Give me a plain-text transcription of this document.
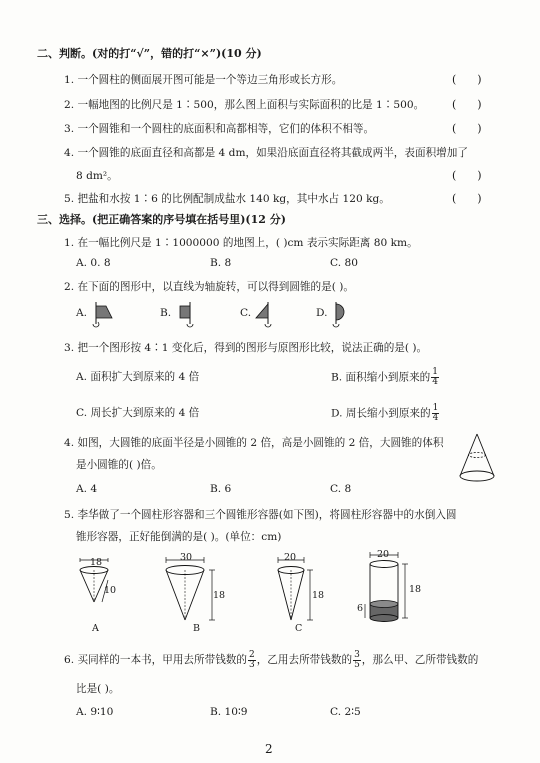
二、判断。(对的打“√”，错的打“×”)(10 分)
1. 一个圆柱的侧面展开图可能是一个等边三角形或长方形。	(      )
2. 一幅地图的比例尺是 1∶500，那么图上面积与实际面积的比是 1∶500。	(      )
3. 一个圆锥和一个圆柱的底面积和高都相等，它们的体积不相等。	(      )
4. 一个圆锥的底面直径和高都是 4 dm，如果沿底面直径将其截成两半，表面积增加了
8 dm²。	(      )
5. 把盐和水按 1∶6 的比例配制成盐水 140 kg，其中水占 120 kg。	(      )
三、选择。(把正确答案的序号填在括号里)(12 分)
1. 在一幅比例尺是 1∶1000000 的地图上，( )cm 表示实际距离 80 km。
A. 0. 8	B. 8	C. 80
2. 在下面的图形中，以直线为轴旋转，可以得到圆锥的是( )。
A.	B.	C.	D.
3. 把一个图形按 4∶1 变化后，得到的图形与原图形比较，说法正确的是( )。
A. 面积扩大到原来的 4 倍	B. 面积缩小到原来的 $\frac{1}{4}$
C. 周长扩大到原来的 4 倍	D. 周长缩小到原来的 $\frac{1}{4}$
4. 如图，大圆锥的底面半径是小圆锥的 2 倍，高是小圆锥的 2 倍，大圆锥的体积
是小圆锥的( )倍。
A. 4	B. 6	C. 8
5. 李华做了一个圆柱形容器和三个圆锥形容器(如下图)，将圆柱形容器中的水倒入圆
锥形容器，正好能倒满的是( )。(单位：cm)
18
10
A
30
18
B
20
18
C
20
18
6
6. 买同样的一本书，甲用去所带钱数的 $\frac{2}{3}$ ，乙用去所带钱数的 $\frac{3}{5}$ ，那么甲、乙所带钱数的
比是( )。
A. 9∶10	B. 10∶9	C. 2∶5
2
